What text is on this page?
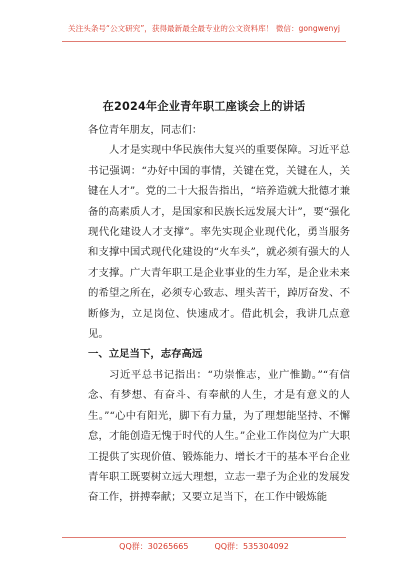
关注头条号“公文研究”，获得最新最全最专业的公文资料库！ 微信：gongwenyj
在2024年企业青年职工座谈会上的讲话

各位青年朋友，同志们：

人才是实现中华民族伟大复兴的重要保障。习近平总书记强调：“办好中国的事情，关键在党，关键在人，关键在人才”。党的二十大报告指出，“培养造就大批德才兼备的高素质人才，是国家和民族长远发展大计”，要“强化现代化建设人才支撑”。率先实现企业现代化，勇当服务和支撑中国式现代化建设的“火车头”，就必须有强大的人才支撑。广大青年职工是企业事业的生力军，是企业未来的希望之所在，必须专心致志、埋头苦干，踔厉奋发、不断修为，立足岗位、快速成才。借此机会，我讲几点意见。

一、立足当下，志存高远

习近平总书记指出：“功崇惟志，业广惟勤。”“有信念、有梦想、有奋斗、有奉献的人生，才是有意义的人生。”“心中有阳光，脚下有力量，为了理想能坚持、不懈怠，才能创造无愧于时代的人生。”企业工作岗位为广大职工提供了实现价值、锻炼能力、增长才干的基本平台企业青年职工既要树立远大理想，立志一辈子为企业的发展发奋工作，拼搏奉献；又要立足当下，在工作中锻炼能

QQ群：30265665	QQ群：535304092
